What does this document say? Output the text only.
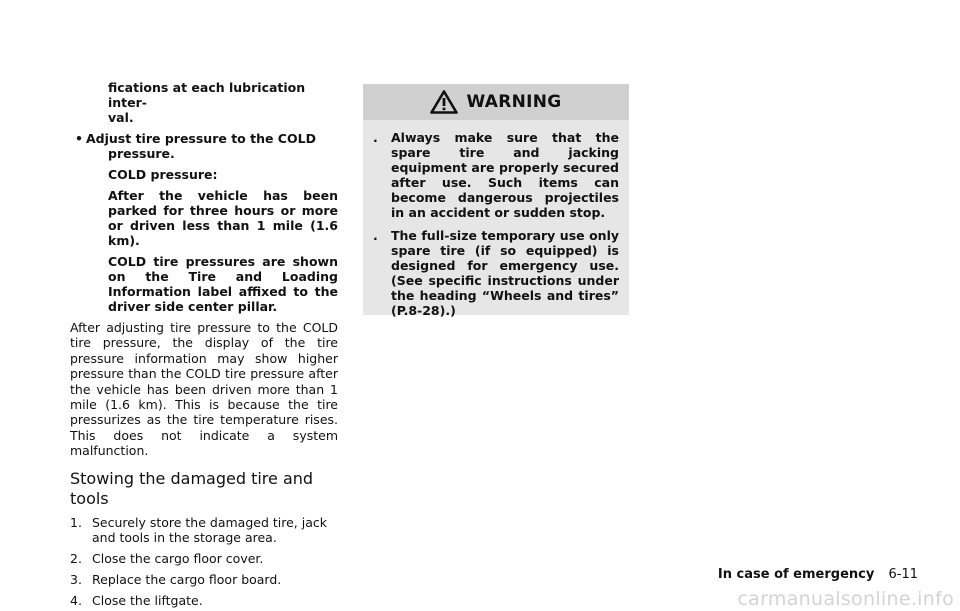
fications at each lubrication inter-
val.
• Adjust tire pressure to the COLD
pressure.
COLD pressure:
After the vehicle has been parked for three hours or more or driven less than 1 mile (1.6 km).
COLD tire pressures are shown on the Tire and Loading Information label affixed to the driver side center pillar.
After adjusting tire pressure to the COLD tire pressure, the display of the tire pressure information may show higher pressure than the COLD tire pressure after the vehicle has been driven more than 1 mile (1.6 km). This is because the tire pressurizes as the tire temperature rises. This does not indicate a system malfunction.
Stowing the damaged tire and tools
1. Securely store the damaged tire, jack and tools in the storage area.
2. Close the cargo floor cover.
3. Replace the cargo floor board.
4. Close the liftgate.
WARNING
. Always make sure that the spare tire and jacking equipment are properly secured after use. Such items can become dangerous projectiles in an accident or sudden stop.
. The full-size temporary use only spare tire (if so equipped) is designed for emergency use. (See specific instructions under the heading “Wheels and tires” (P.8-28).)
In case of emergency 6-11
carmanualsonline.info
